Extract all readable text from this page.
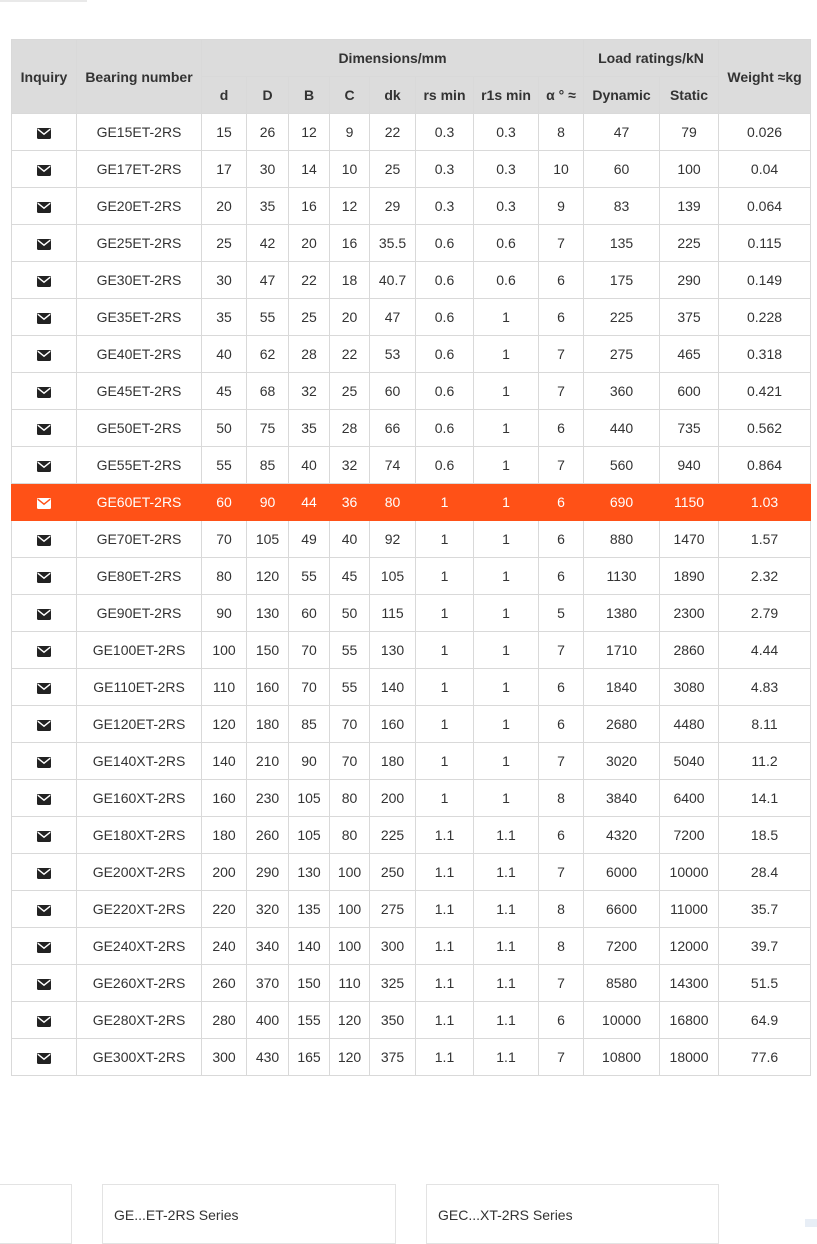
Inquiry	Bearing number	Dimensions/mm								Load ratings/kN		Weight ≈kg
		d	D	B	C	dk	rs min	r1s min	α ° ≈	Dynamic	Static	

	GE15ET-2RS	15	26	12	9	22	0.3	0.3	8	47	79	0.026

	GE17ET-2RS	17	30	14	10	25	0.3	0.3	10	60	100	0.04

	GE20ET-2RS	20	35	16	12	29	0.3	0.3	9	83	139	0.064

	GE25ET-2RS	25	42	20	16	35.5	0.6	0.6	7	135	225	0.115

	GE30ET-2RS	30	47	22	18	40.7	0.6	0.6	6	175	290	0.149

	GE35ET-2RS	35	55	25	20	47	0.6	1	6	225	375	0.228

	GE40ET-2RS	40	62	28	22	53	0.6	1	7	275	465	0.318

	GE45ET-2RS	45	68	32	25	60	0.6	1	7	360	600	0.421

	GE50ET-2RS	50	75	35	28	66	0.6	1	6	440	735	0.562

	GE55ET-2RS	55	85	40	32	74	0.6	1	7	560	940	0.864

	GE60ET-2RS	60	90	44	36	80	1	1	6	690	1150	1.03

	GE70ET-2RS	70	105	49	40	92	1	1	6	880	1470	1.57

	GE80ET-2RS	80	120	55	45	105	1	1	6	1130	1890	2.32

	GE90ET-2RS	90	130	60	50	115	1	1	5	1380	2300	2.79

	GE100ET-2RS	100	150	70	55	130	1	1	7	1710	2860	4.44

	GE110ET-2RS	110	160	70	55	140	1	1	6	1840	3080	4.83

	GE120ET-2RS	120	180	85	70	160	1	1	6	2680	4480	8.11

	GE140XT-2RS	140	210	90	70	180	1	1	7	3020	5040	11.2

	GE160XT-2RS	160	230	105	80	200	1	1	8	3840	6400	14.1

	GE180XT-2RS	180	260	105	80	225	1.1	1.1	6	4320	7200	18.5

	GE200XT-2RS	200	290	130	100	250	1.1	1.1	7	6000	10000	28.4

	GE220XT-2RS	220	320	135	100	275	1.1	1.1	8	6600	11000	35.7

	GE240XT-2RS	240	340	140	100	300	1.1	1.1	8	7200	12000	39.7

	GE260XT-2RS	260	370	150	110	325	1.1	1.1	7	8580	14300	51.5

	GE280XT-2RS	280	400	155	120	350	1.1	1.1	6	10000	16800	64.9

	GE300XT-2RS	300	430	165	120	375	1.1	1.1	7	10800	18000	77.6
GE...ET-2RS Series	GEC...XT-2RS Series
